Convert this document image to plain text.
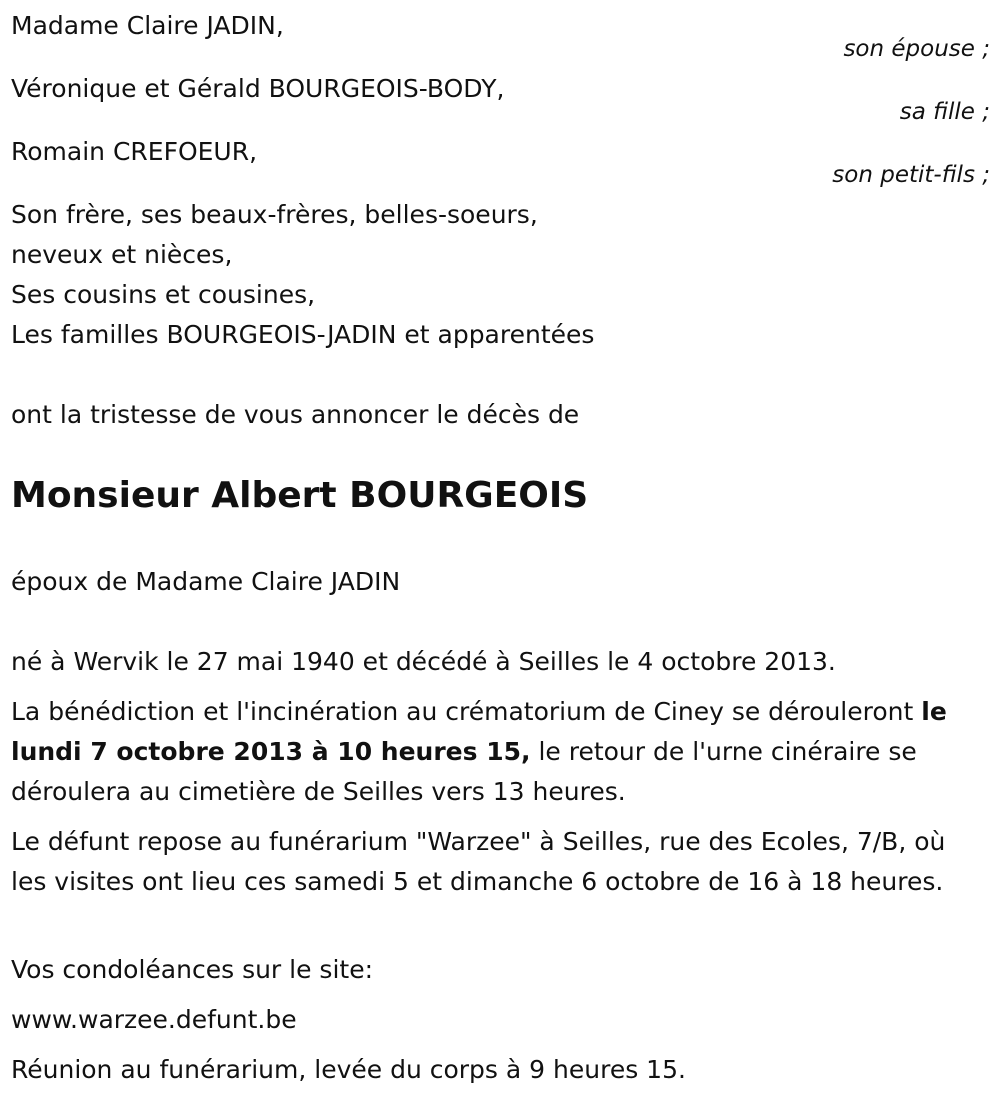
Madame Claire JADIN,
son épouse ;
Véronique et Gérald BOURGEOIS-BODY,
sa fille ;
Romain CREFOEUR,
son petit-fils ;
Son frère, ses beaux-frères, belles-soeurs,
neveux et nièces,
Ses cousins et cousines,
Les familles BOURGEOIS-JADIN et apparentées
ont la tristesse de vous annoncer le décès de
Monsieur Albert BOURGEOIS
époux de Madame Claire JADIN
né à Wervik le 27 mai 1940 et décédé à Seilles le 4 octobre 2013.
La bénédiction et l'incinération au crématorium de Ciney se dérouleront le lundi 7 octobre 2013 à 10 heures 15, le retour de l'urne cinéraire se déroulera au cimetière de Seilles vers 13 heures.
Le défunt repose au funérarium "Warzee" à Seilles, rue des Ecoles, 7/B, où les visites ont lieu ces samedi 5 et dimanche 6 octobre de 16 à 18 heures.
Vos condoléances sur le site:
www.warzee.defunt.be
Réunion au funérarium, levée du corps à 9 heures 15.
